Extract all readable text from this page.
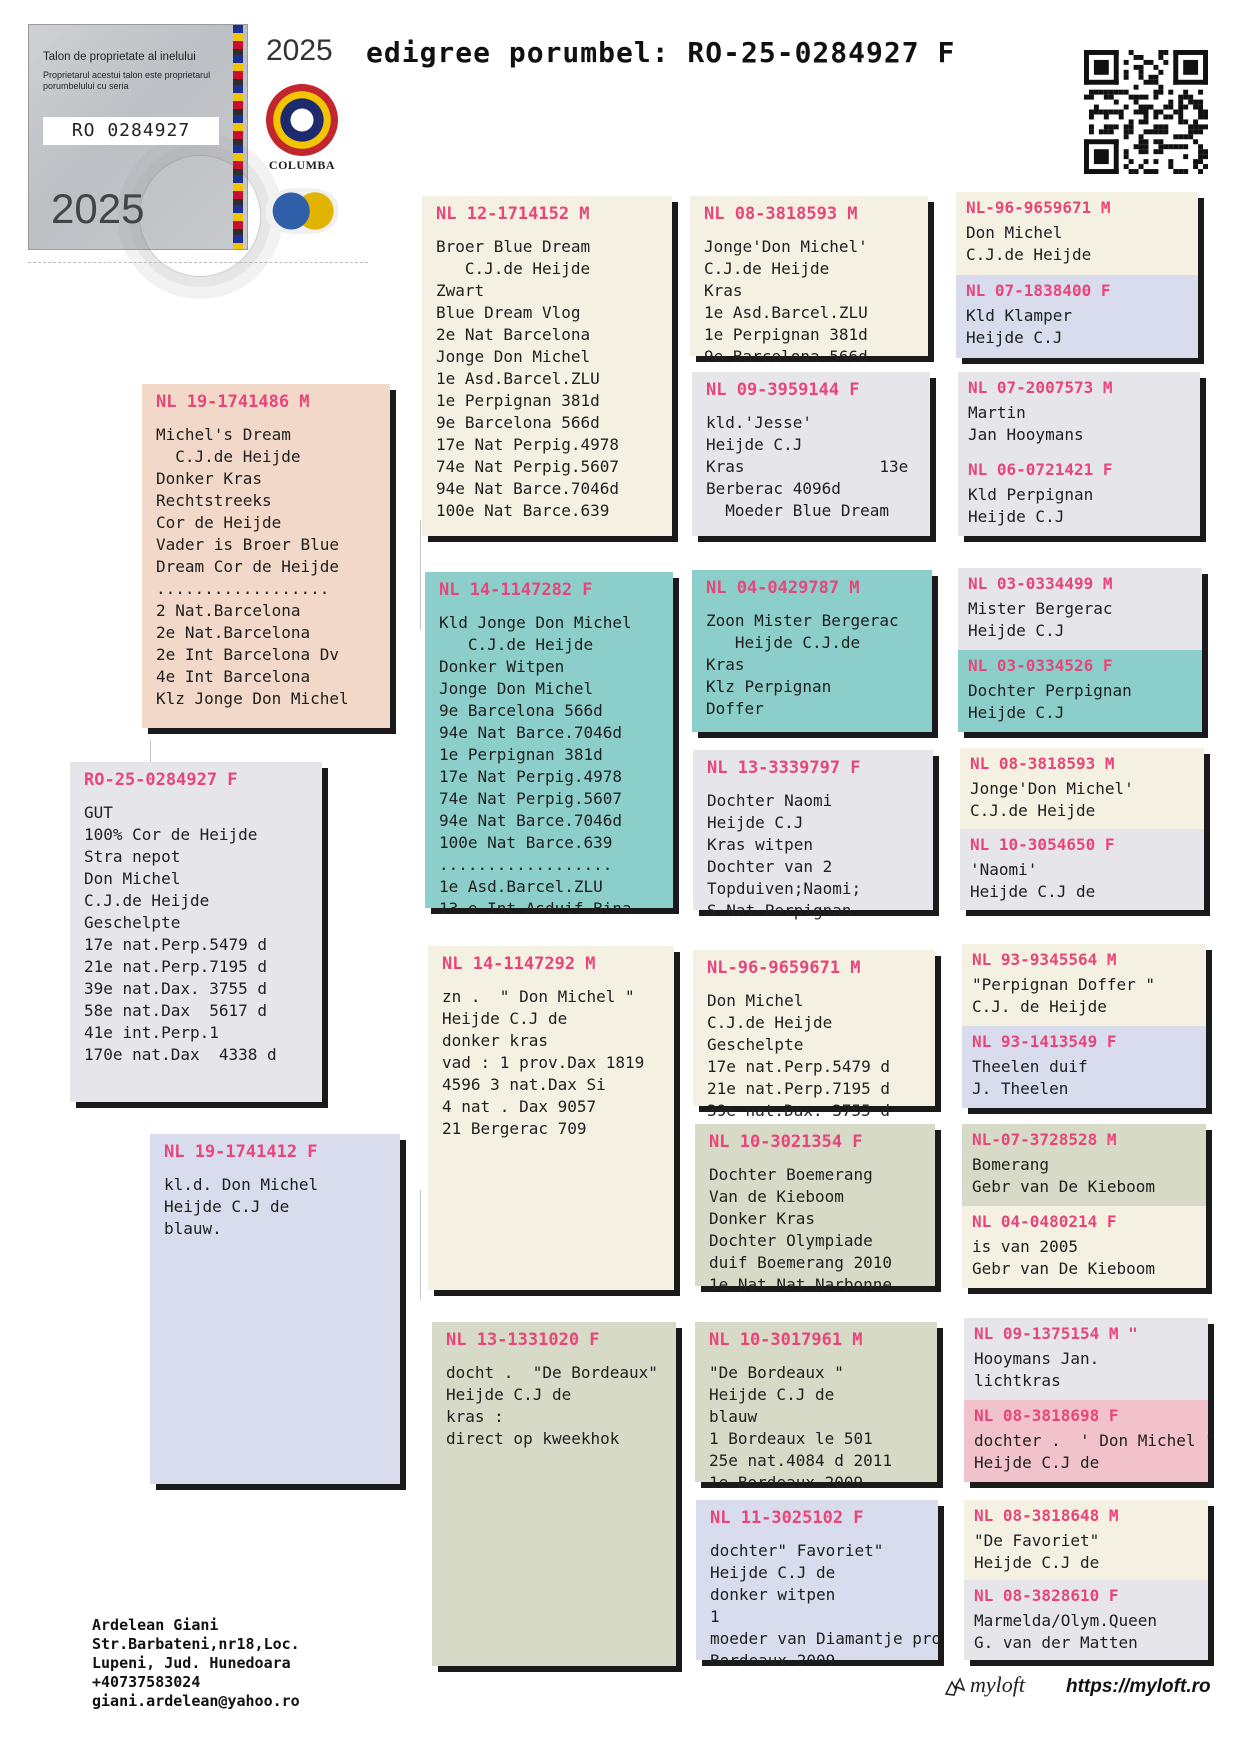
Talon de proprietate al inelului
Proprietarul acestui talon este proprietarul porumbelului cu seria
RO 0284927
2025
2025
COLUMBA
edigree porumbel: RO-25-0284927 F
RO-25-0284927 F
GUT
100% Cor de Heijde
Stra nepot
Don Michel
C.J.de Heijde
Geschelpte
17e nat.Perp.5479 d
21e nat.Perp.7195 d
39e nat.Dax. 3755 d
58e nat.Dax  5617 d
41e int.Perp.1
170e nat.Dax  4338 d
NL 19-1741486 M
Michel's Dream
C.J.de Heijde
Donker Kras
Rechtstreeks
Cor de Heijde
Vader is Broer Blue
Dream Cor de Heijde
..................
2 Nat.Barcelona
2e Nat.Barcelona
2e Int Barcelona Dv
4e Int Barcelona
Klz Jonge Don Michel
NL 19-1741412 F
kl.d. Don Michel
Heijde C.J de
blauw.
NL 12-1714152 M
Broer Blue Dream
C.J.de Heijde
Zwart
Blue Dream Vlog
2e Nat Barcelona
Jonge Don Michel
1e Asd.Barcel.ZLU
1e Perpignan 381d
9e Barcelona 566d
17e Nat Perpig.4978
74e Nat Perpig.5607
94e Nat Barce.7046d
100e Nat Barce.639
NL 14-1147282 F
Kld Jonge Don Michel
C.J.de Heijde
Donker Witpen
Jonge Don Michel
9e Barcelona 566d
94e Nat Barce.7046d
1e Perpignan 381d
17e Nat Perpig.4978
74e Nat Perpig.5607
94e Nat Barce.7046d
100e Nat Barce.639
..................
1e Asd.Barcel.ZLU
13 e Int Asduif Bina
NL 14-1147292 M
zn .  " Don Michel "
Heijde C.J de
donker kras
vad : 1 prov.Dax 1819
4596 3 nat.Dax Si
4 nat . Dax 9057
21 Bergerac 709
NL 13-1331020 F
docht .  "De Bordeaux"
Heijde C.J de
kras :
direct op kweekhok
NL 08-3818593 M
Jonge'Don Michel'
C.J.de Heijde
Kras
1e Asd.Barcel.ZLU
1e Perpignan 381d
9e Barcelona 566d
NL 09-3959144 F
kld.'Jesse'
Heijde C.J
Kras              13e
Berberac 4096d
Moeder Blue Dream
NL 04-0429787 M
Zoon Mister Bergerac
Heijde C.J.de
Kras
Klz Perpignan
Doffer
NL 13-3339797 F
Dochter Naomi
Heijde C.J
Kras witpen
Dochter van 2
Topduiven;Naomi;
S Nat Perpignan
NL-96-9659671 M
Don Michel
C.J.de Heijde
Geschelpte
17e nat.Perp.5479 d
21e nat.Perp.7195 d
39e nat.Dax. 3755 d
NL 10-3021354 F
Dochter Boemerang
Van de Kieboom
Donker Kras
Dochter Olympiade
duif Boemerang 2010
1e Nat Nat Narbonne
NL 10-3017961 M
"De Bordeaux "
Heijde C.J de
blauw
1 Bordeaux le 501
25e nat.4084 d 2011
1e Bordeaux 2009
NL 11-3025102 F
dochter" Favoriet"
Heijde C.J de
donker witpen
1
moeder van Diamantje pro
Bordeaux 2009
NL-96-9659671 M
Don Michel
C.J.de Heijde
NL 07-1838400 F
Kld Klamper
Heijde C.J
NL 07-2007573 M
Martin
Jan Hooymans
NL 06-0721421 F
Kld Perpignan
Heijde C.J
NL 03-0334499 M
Mister Bergerac
Heijde C.J
NL 03-0334526 F
Dochter Perpignan
Heijde C.J
NL 08-3818593 M
Jonge'Don Michel'
C.J.de Heijde
NL 10-3054650 F
'Naomi'
Heijde C.J de
NL 93-9345564 M
"Perpignan Doffer "
C.J. de Heijde
NL 93-1413549 F
Theelen duif
J. Theelen
NL-07-3728528 M
Bomerang
Gebr van De Kieboom
NL 04-0480214 F
is van 2005
Gebr van De Kieboom
NL 09-1375154 M "
Hooymans Jan.
lichtkras
NL 08-3818698 F
dochter .  ' Don Michel "
Heijde C.J de
NL 08-3818648 M
"De Favoriet"
Heijde C.J de
NL 08-3828610 F
Marmelda/Olym.Queen
G. van der Matten
Ardelean Giani
Str.Barbateni,nr18,Loc.
Lupeni, Jud. Hunedoara
+40737583024
giani.ardelean@yahoo.ro
myloft https://myloft.ro
